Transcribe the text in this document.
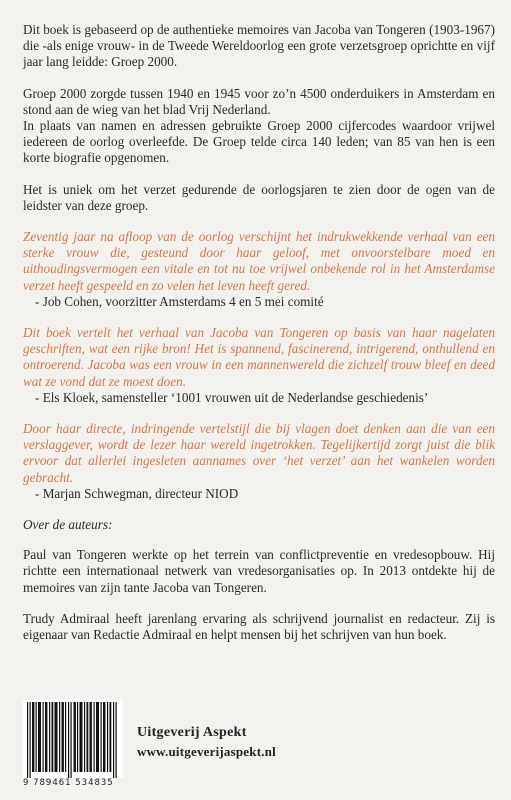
Dit boek is gebaseerd op de authentieke memoires van Jacoba van Tongeren (1903-1967) die -als enige vrouw- in de Tweede Wereldoorlog een grote verzetsgroep oprichtte en vijf jaar lang leidde: Groep 2000.

Groep 2000 zorgde tussen 1940 en 1945 voor zo’n 4500 onderduikers in Amsterdam en stond aan de wieg van het blad Vrij Nederland.

In plaats van namen en adressen gebruikte Groep 2000 cijfercodes waardoor vrijwel iedereen de oorlog overleefde. De Groep telde circa 140 leden; van 85 van hen is een korte biografie opgenomen.

Het is uniek om het verzet gedurende de oorlogsjaren te zien door de ogen van de leidster van deze groep.

Zeventig jaar na afloop van de oorlog verschijnt het indrukwekkende verhaal van een sterke vrouw die, gesteund door haar geloof, met onvoorstelbare moed en uithoudingsvermogen een vitale en tot nu toe vrijwel onbekende rol in het Amsterdamse verzet heeft gespeeld en zo velen het leven heeft gered.

- Job Cohen, voorzitter Amsterdams 4 en 5 mei comité

Dit boek vertelt het verhaal van Jacoba van Tongeren op basis van haar nagelaten geschriften, wat een rijke bron! Het is spannend, fascinerend, intrigerend, onthullend en ontroerend. Jacoba was een vrouw in een mannenwereld die zichzelf trouw bleef en deed wat ze vond dat ze moest doen.

- Els Kloek, samensteller ‘1001 vrouwen uit de Nederlandse geschiedenis’

Door haar directe, indringende vertelstijl die bij vlagen doet denken aan die van een verslaggever, wordt de lezer haar wereld ingetrokken. Tegelijkertijd zorgt juist die blik ervoor dat allerlei ingesleten aannames over ‘het verzet’ aan het wankelen worden gebracht.

- Marjan Schwegman, directeur NIOD

Over de auteurs:

Paul van Tongeren werkte op het terrein van conflictpreventie en vredesopbouw. Hij richtte een internationaal netwerk van vredesorganisaties op. In 2013 ontdekte hij de memoires van zijn tante Jacoba van Tongeren.

Trudy Admiraal heeft jarenlang ervaring als schrijvend journalist en redacteur. Zij is eigenaar van Redactie Admiraal en helpt mensen bij het schrijven van hun boek.

9 789461 534835
Uitgeverij Aspekt
www.uitgeverijaspekt.nl
